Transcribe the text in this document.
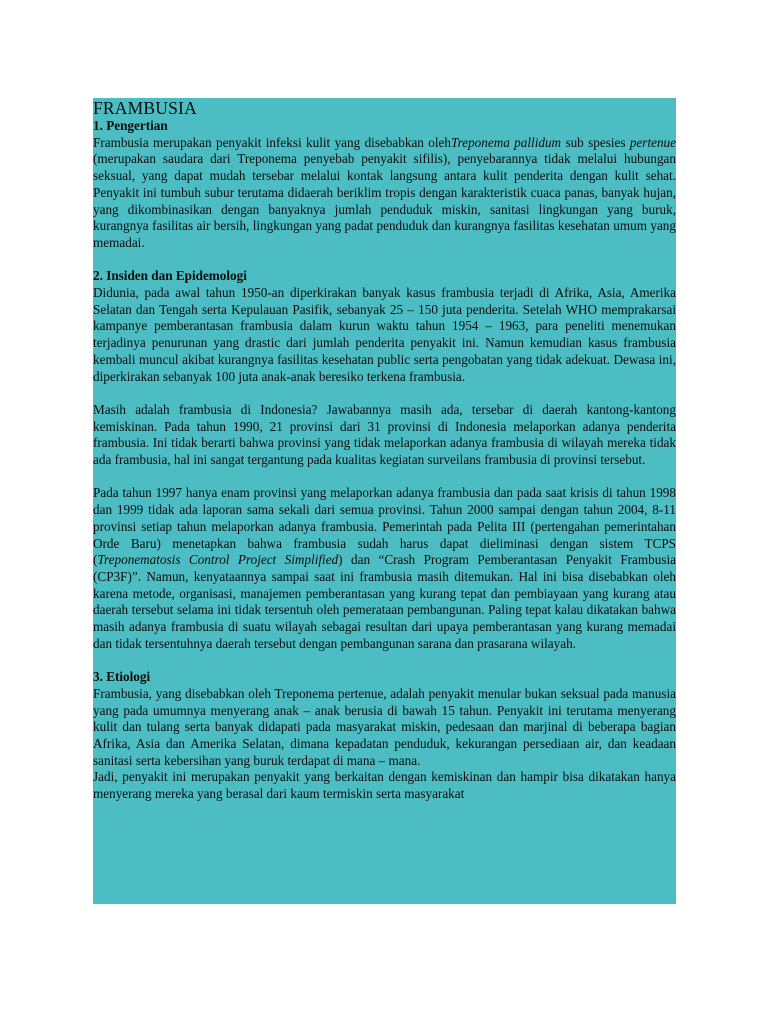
FRAMBUSIA
1. Pengertian

Frambusia merupakan penyakit infeksi kulit yang disebabkan olehTreponema pallidum sub spesies pertenue (merupakan saudara dari Treponema penyebab penyakit sifilis), penyebarannya tidak melalui hubungan seksual, yang dapat mudah tersebar melalui kontak langsung antara kulit penderita dengan kulit sehat. Penyakit ini tumbuh subur terutama didaerah beriklim tropis dengan karakteristik cuaca panas, banyak hujan, yang dikombinasikan dengan banyaknya jumlah penduduk miskin, sanitasi lingkungan yang buruk, kurangnya fasilitas air bersih, lingkungan yang padat penduduk dan kurangnya fasilitas kesehatan umum yang memadai.

2. Insiden dan Epidemologi

Didunia, pada awal tahun 1950-an diperkirakan banyak kasus frambusia terjadi di Afrika, Asia, Amerika Selatan dan Tengah serta Kepulauan Pasifik, sebanyak 25 – 150 juta penderita. Setelah WHO memprakarsai kampanye pemberantasan frambusia dalam kurun waktu tahun 1954 – 1963, para peneliti menemukan terjadinya penurunan yang drastic dari jumlah penderita penyakit ini. Namun kemudian kasus frambusia kembali muncul akibat kurangnya fasilitas kesehatan public serta pengobatan yang tidak adekuat. Dewasa ini, diperkirakan sebanyak 100 juta anak-anak beresiko terkena frambusia.

Masih adalah frambusia di Indonesia? Jawabannya masih ada, tersebar di daerah kantong-kantong kemiskinan. Pada tahun 1990, 21 provinsi dari 31 provinsi di Indonesia melaporkan adanya penderita frambusia. Ini tidak berarti bahwa provinsi yang tidak melaporkan adanya frambusia di wilayah mereka tidak ada frambusia, hal ini sangat tergantung pada kualitas kegiatan surveilans frambusia di provinsi tersebut.

Pada tahun 1997 hanya enam provinsi yang melaporkan adanya frambusia dan pada saat krisis di tahun 1998 dan 1999 tidak ada laporan sama sekali dari semua provinsi. Tahun 2000 sampai dengan tahun 2004, 8-11 provinsi setiap tahun melaporkan adanya frambusia. Pemerintah pada Pelita III (pertengahan pemerintahan Orde Baru) menetapkan bahwa frambusia sudah harus dapat dieliminasi dengan sistem TCPS (Treponematosis Control Project Simplified) dan “Crash Program Pemberantasan Penyakit Frambusia (CP3F)”. Namun, kenyataannya sampai saat ini frambusia masih ditemukan. Hal ini bisa disebabkan oleh karena metode, organisasi, manajemen pemberantasan yang kurang tepat dan pembiayaan yang kurang atau daerah tersebut selama ini tidak tersentuh oleh pemerataan pembangunan. Paling tepat kalau dikatakan bahwa masih adanya frambusia di suatu wilayah sebagai resultan dari upaya pemberantasan yang kurang memadai dan tidak tersentuhnya daerah tersebut dengan pembangunan sarana dan prasarana wilayah.

3. Etiologi

Frambusia, yang disebabkan oleh Treponema pertenue, adalah penyakit menular bukan seksual pada manusia yang pada umumnya menyerang anak – anak berusia di bawah 15 tahun. Penyakit ini terutama menyerang kulit dan tulang serta banyak didapati pada masyarakat miskin, pedesaan dan marjinal di beberapa bagian Afrika, Asia dan Amerika Selatan, dimana kepadatan penduduk, kekurangan persediaan air, dan keadaan sanitasi serta kebersihan yang buruk terdapat di mana – mana.

Jadi, penyakit ini merupakan penyakit yang berkaitan dengan kemiskinan dan hampir bisa dikatakan hanya menyerang mereka yang berasal dari kaum termiskin serta masyarakat
